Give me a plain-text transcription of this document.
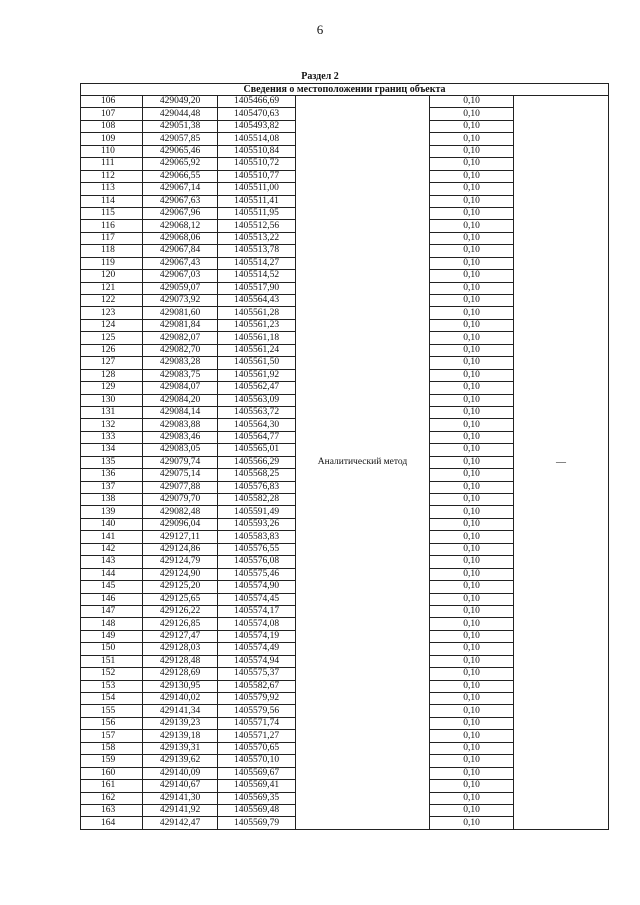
6
Раздел 2
Сведения о местоположении границ объекта					
106	429049,20	1405466,69	Аналитический метод	0,10	—
107	429044,48	1405470,63		0,10	
108	429051,38	1405493,82		0,10	
109	429057,85	1405514,08		0,10	
110	429065,46	1405510,84		0,10	
111	429065,92	1405510,72		0,10	
112	429066,55	1405510,77		0,10	
113	429067,14	1405511,00		0,10	
114	429067,63	1405511,41		0,10	
115	429067,96	1405511,95		0,10	
116	429068,12	1405512,56		0,10	
117	429068,06	1405513,22		0,10	
118	429067,84	1405513,78		0,10	
119	429067,43	1405514,27		0,10	
120	429067,03	1405514,52		0,10	
121	429059,07	1405517,90		0,10	
122	429073,92	1405564,43		0,10	
123	429081,60	1405561,28		0,10	
124	429081,84	1405561,23		0,10	
125	429082,07	1405561,18		0,10	
126	429082,70	1405561,24		0,10	
127	429083,28	1405561,50		0,10	
128	429083,75	1405561,92		0,10	
129	429084,07	1405562,47		0,10	
130	429084,20	1405563,09		0,10	
131	429084,14	1405563,72		0,10	
132	429083,88	1405564,30		0,10	
133	429083,46	1405564,77		0,10	
134	429083,05	1405565,01		0,10	
135	429079,74	1405566,29		0,10	
136	429075,14	1405568,25		0,10	
137	429077,88	1405576,83		0,10	
138	429079,70	1405582,28		0,10	
139	429082,48	1405591,49		0,10	
140	429096,04	1405593,26		0,10	
141	429127,11	1405583,83		0,10	
142	429124,86	1405576,55		0,10	
143	429124,79	1405576,08		0,10	
144	429124,90	1405575,46		0,10	
145	429125,20	1405574,90		0,10	
146	429125,65	1405574,45		0,10	
147	429126,22	1405574,17		0,10	
148	429126,85	1405574,08		0,10	
149	429127,47	1405574,19		0,10	
150	429128,03	1405574,49		0,10	
151	429128,48	1405574,94		0,10	
152	429128,69	1405575,37		0,10	
153	429130,95	1405582,67		0,10	
154	429140,02	1405579,92		0,10	
155	429141,34	1405579,56		0,10	
156	429139,23	1405571,74		0,10	
157	429139,18	1405571,27		0,10	
158	429139,31	1405570,65		0,10	
159	429139,62	1405570,10		0,10	
160	429140,09	1405569,67		0,10	
161	429140,67	1405569,41		0,10	
162	429141,30	1405569,35		0,10	
163	429141,92	1405569,48		0,10	
164	429142,47	1405569,79		0,10	
